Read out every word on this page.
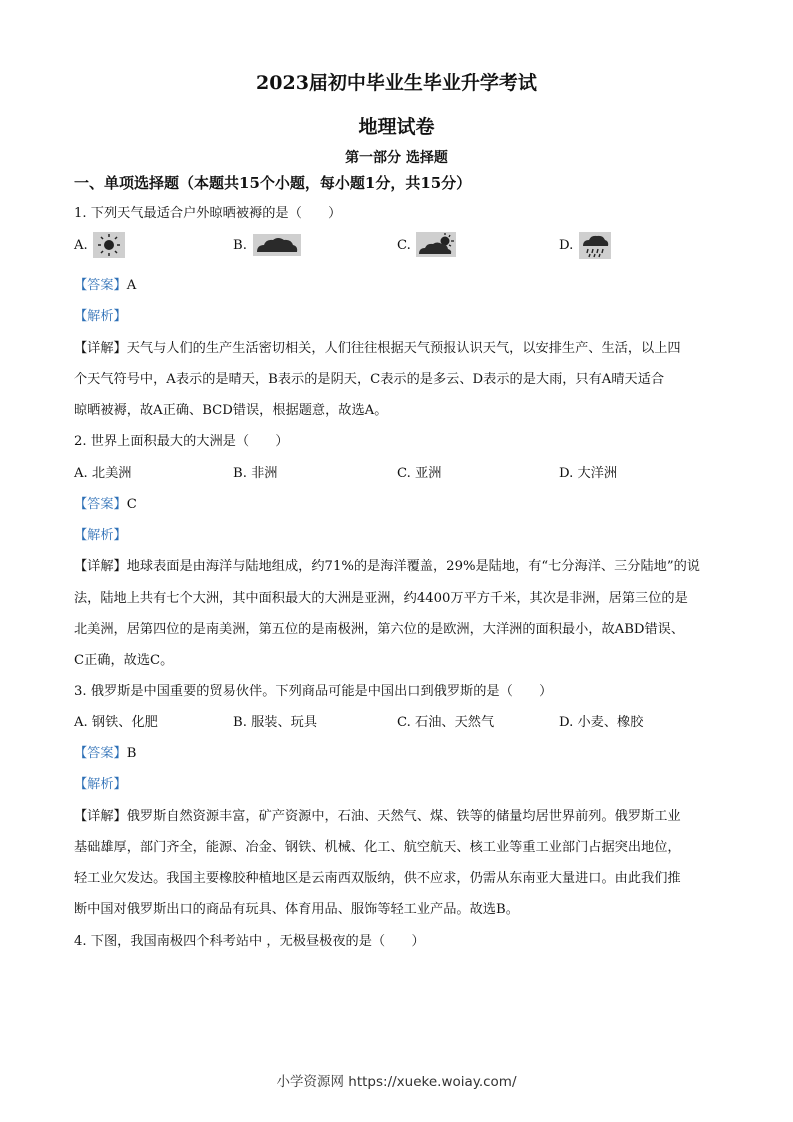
2023届初中毕业生毕业升学考试
地理试卷
第一部分 选择题
一、单项选择题（本题共15个小题，每小题1分，共15分）
1. 下列天气最适合户外晾晒被褥的是（　　）
A.	B.	C.	D.
【答案】A
【解析】
【详解】天气与人们的生产生活密切相关，人们往往根据天气预报认识天气，以安排生产、生活，以上四
个天气符号中，A表示的是晴天，B表示的是阴天，C表示的是多云、D表示的是大雨，只有A晴天适合
晾晒被褥，故A正确、BCD错误，根据题意，故选A。
2. 世界上面积最大的大洲是（　　）
A. 北美洲	B. 非洲	C. 亚洲	D. 大洋洲
【答案】C
【解析】
【详解】地球表面是由海洋与陆地组成，约71%的是海洋覆盖，29%是陆地，有“七分海洋、三分陆地”的说
法，陆地上共有七个大洲，其中面积最大的大洲是亚洲，约4400万平方千米，其次是非洲，居第三位的是
北美洲，居第四位的是南美洲，第五位的是南极洲，第六位的是欧洲，大洋洲的面积最小，故ABD错误、
C正确，故选C。
3. 俄罗斯是中国重要的贸易伙伴。下列商品可能是中国出口到俄罗斯的是（　　）
A. 钢铁、化肥	B. 服装、玩具	C. 石油、天然气	D. 小麦、橡胶
【答案】B
【解析】
【详解】俄罗斯自然资源丰富，矿产资源中，石油、天然气、煤、铁等的储量均居世界前列。俄罗斯工业
基础雄厚，部门齐全，能源、冶金、钢铁、机械、化工、航空航天、核工业等重工业部门占据突出地位，
轻工业欠发达。我国主要橡胶种植地区是云南西双版纳，供不应求，仍需从东南亚大量进口。由此我们推
断中国对俄罗斯出口的商品有玩具、体育用品、服饰等轻工业产品。故选B。
4. 下图，我国南极四个科考站中 ，无极昼极夜的是（　　）
小学资源网 https://xueke.woiay.com/
